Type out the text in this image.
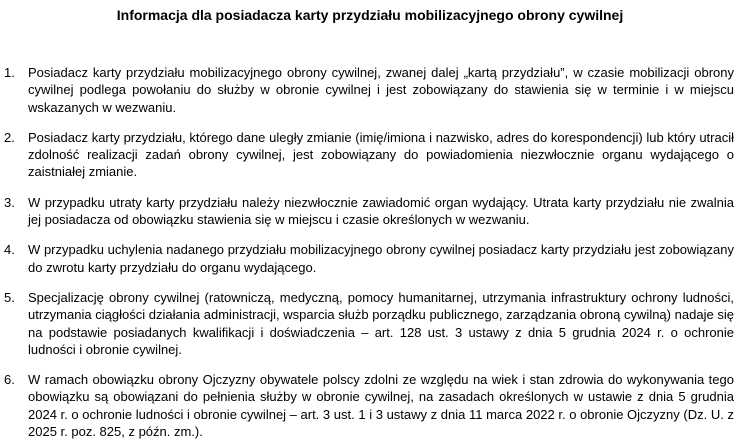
Informacja dla posiadacza karty przydziału mobilizacyjnego obrony cywilnej
1. Posiadacz karty przydziału mobilizacyjnego obrony cywilnej, zwanej dalej „kartą przydziału”, w czasie mobilizacji obrony cywilnej podlega powołaniu do służby w obronie cywilnej i jest zobowiązany do stawienia się w terminie i w miejscu wskazanych w wezwaniu.
2. Posiadacz karty przydziału, którego dane uległy zmianie (imię/imiona i nazwisko, adres do korespondencji) lub który utracił zdolność realizacji zadań obrony cywilnej, jest zobowiązany do powiadomienia niezwłocznie organu wydającego o zaistniałej zmianie.
3. W przypadku utraty karty przydziału należy niezwłocznie zawiadomić organ wydający. Utrata karty przydziału nie zwalnia jej posiadacza od obowiązku stawienia się w miejscu i czasie określonych w wezwaniu.
4. W przypadku uchylenia nadanego przydziału mobilizacyjnego obrony cywilnej posiadacz karty przydziału jest zobowiązany do zwrotu karty przydziału do organu wydającego.
5. Specjalizację obrony cywilnej (ratowniczą, medyczną, pomocy humanitarnej, utrzymania infrastruktury ochrony ludności, utrzymania ciągłości działania administracji, wsparcia służb porządku publicznego, zarządzania obroną cywilną) nadaje się na podstawie posiadanych kwalifikacji i doświadczenia – art. 128 ust. 3 ustawy z dnia 5 grudnia 2024 r. o ochronie ludności i obronie cywilnej.
6. W ramach obowiązku obrony Ojczyzny obywatele polscy zdolni ze względu na wiek i stan zdrowia do wykonywania tego obowiązku są obowiązani do pełnienia służby w obronie cywilnej, na zasadach określonych w ustawie z dnia 5 grudnia 2024 r. o ochronie ludności i obronie cywilnej – art. 3 ust. 1 i 3 ustawy z dnia 11 marca 2022 r. o obronie Ojczyzny (Dz. U. z 2025 r. poz. 825, z późn. zm.).
